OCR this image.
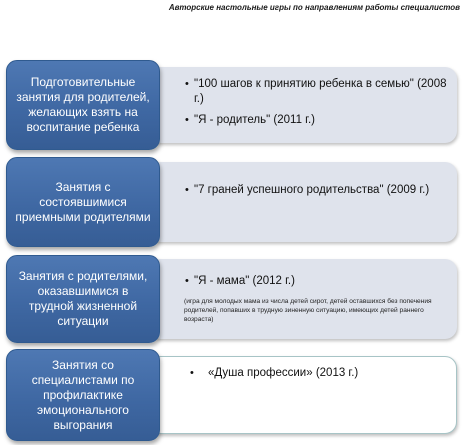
Авторские настольные игры по направлениям работы специалистов
Подготовительные занятия для родителей, желающих взять на воспитание ребенка
• "100 шагов к принятию ребенка в семью" (2008 г.)
• "Я - родитель" (2011 г.)
Занятия с состоявшимися приемными родителями
• "7 граней успешного родительства" (2009 г.)
Занятия с родителями, оказавшимися в трудной жизненной ситуации
• "Я - мама" (2012 г.)
(игра для молодых мама из числа детей сирот, детей оставшихся без попечения родителей, попавших в трудную зиненную ситуацию, имеющих детей раннего возраста)
Занятия со специалистами по профилактике эмоционального выгорания
• «Душа профессии» (2013 г.)
